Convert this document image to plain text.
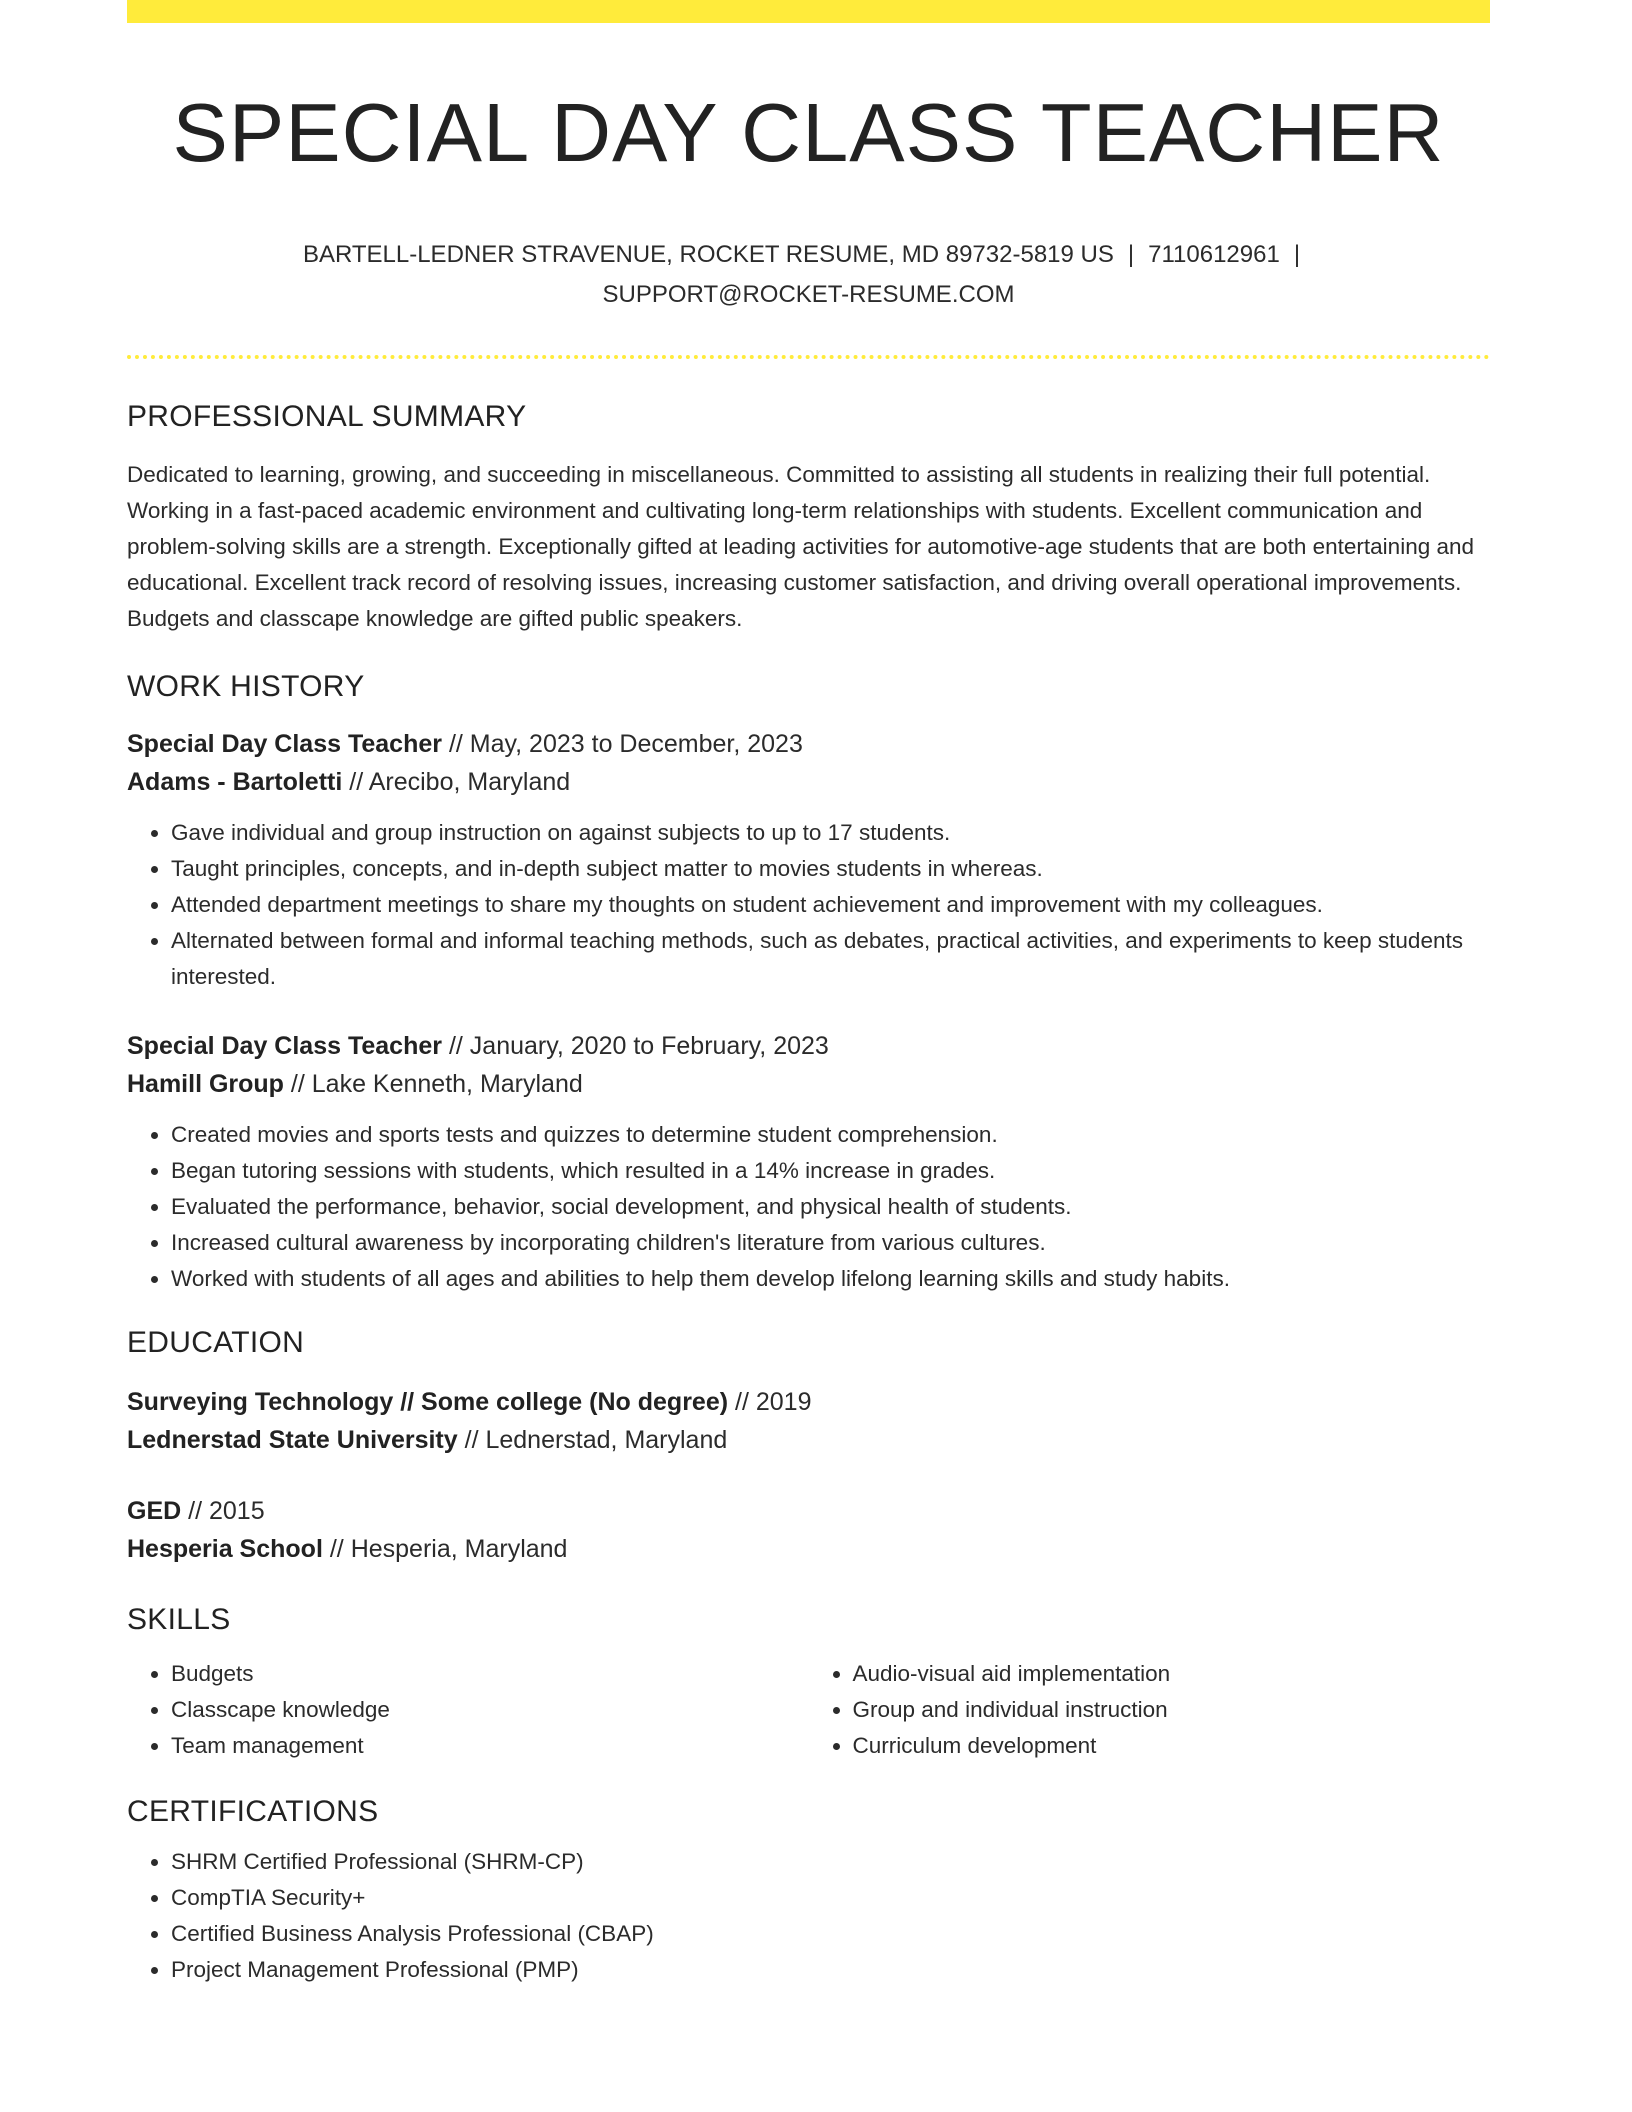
SPECIAL DAY CLASS TEACHER
BARTELL-LEDNER STRAVENUE, ROCKET RESUME, MD 89732-5819 US | 7110612961 |
SUPPORT@ROCKET-RESUME.COM
PROFESSIONAL SUMMARY
Dedicated to learning, growing, and succeeding in miscellaneous. Committed to assisting all students in realizing their full potential. Working in a fast-paced academic environment and cultivating long-term relationships with students. Excellent communication and problem-solving skills are a strength. Exceptionally gifted at leading activities for automotive-age students that are both entertaining and educational. Excellent track record of resolving issues, increasing customer satisfaction, and driving overall operational improvements. Budgets and classcape knowledge are gifted public speakers.
WORK HISTORY
Special Day Class Teacher // May, 2023 to December, 2023
Adams - Bartoletti // Arecibo, Maryland
• Gave individual and group instruction on against subjects to up to 17 students.
• Taught principles, concepts, and in-depth subject matter to movies students in whereas.
• Attended department meetings to share my thoughts on student achievement and improvement with my colleagues.
• Alternated between formal and informal teaching methods, such as debates, practical activities, and experiments to keep students interested.
Special Day Class Teacher // January, 2020 to February, 2023
Hamill Group // Lake Kenneth, Maryland
• Created movies and sports tests and quizzes to determine student comprehension.
• Began tutoring sessions with students, which resulted in a 14% increase in grades.
• Evaluated the performance, behavior, social development, and physical health of students.
• Increased cultural awareness by incorporating children's literature from various cultures.
• Worked with students of all ages and abilities to help them develop lifelong learning skills and study habits.
EDUCATION
Surveying Technology // Some college (No degree) // 2019
Lednerstad State University // Lednerstad, Maryland
GED // 2015
Hesperia School // Hesperia, Maryland
SKILLS
• Budgets
• Classcape knowledge
• Team management
• Audio-visual aid implementation
• Group and individual instruction
• Curriculum development
CERTIFICATIONS
• SHRM Certified Professional (SHRM-CP)
• CompTIA Security+
• Certified Business Analysis Professional (CBAP)
• Project Management Professional (PMP)
